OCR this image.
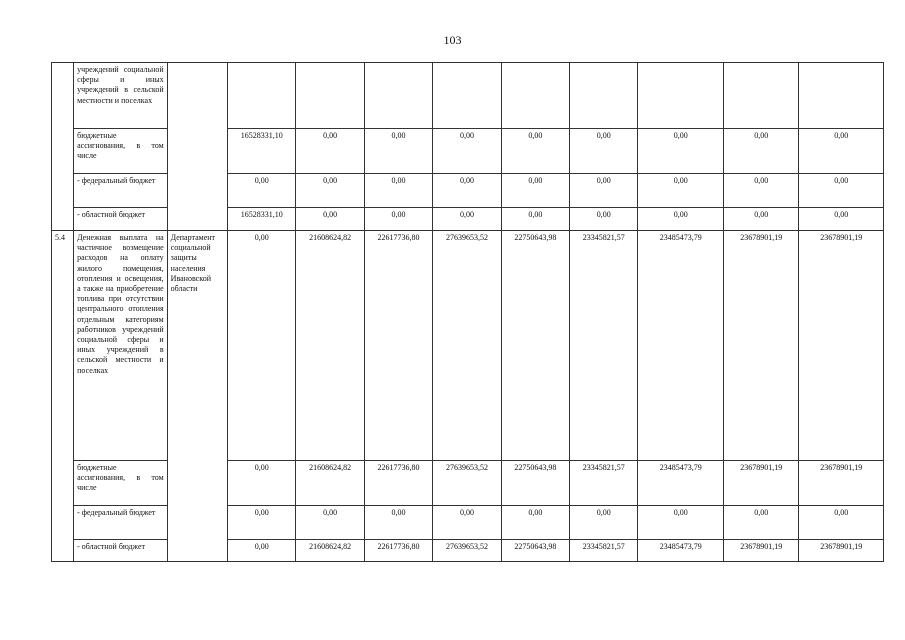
103
	учреждений социальной сферы и иных учреждений в сельской местности и поселках										
	бюджетные ассигнования, в том числе		16528331,10	0,00	0,00	0,00	0,00	0,00	0,00	0,00	0,00
	- федеральный бюджет		0,00	0,00	0,00	0,00	0,00	0,00	0,00	0,00	0,00
	- областной бюджет		16528331,10	0,00	0,00	0,00	0,00	0,00	0,00	0,00	0,00
5.4	Денежная выплата на частичное возмещение расходов на оплату жилого помещения, отопления и освещения, а также на приобретение топлива при отсутствии центрального отопления отдельным категориям работников учреждений социальной сферы и иных учреждений в сельской местности и поселках	Департамент социальной защиты населения Ивановской области	0,00	21608624,82	22617736,80	27639653,52	22750643,98	23345821,57	23485473,79	23678901,19	23678901,19
	бюджетные ассигнования, в том числе		0,00	21608624,82	22617736,80	27639653,52	22750643,98	23345821,57	23485473,79	23678901,19	23678901,19
	- федеральный бюджет		0,00	0,00	0,00	0,00	0,00	0,00	0,00	0,00	0,00
	- областной бюджет		0,00	21608624,82	22617736,80	27639653,52	22750643,98	23345821,57	23485473,79	23678901,19	23678901,19
